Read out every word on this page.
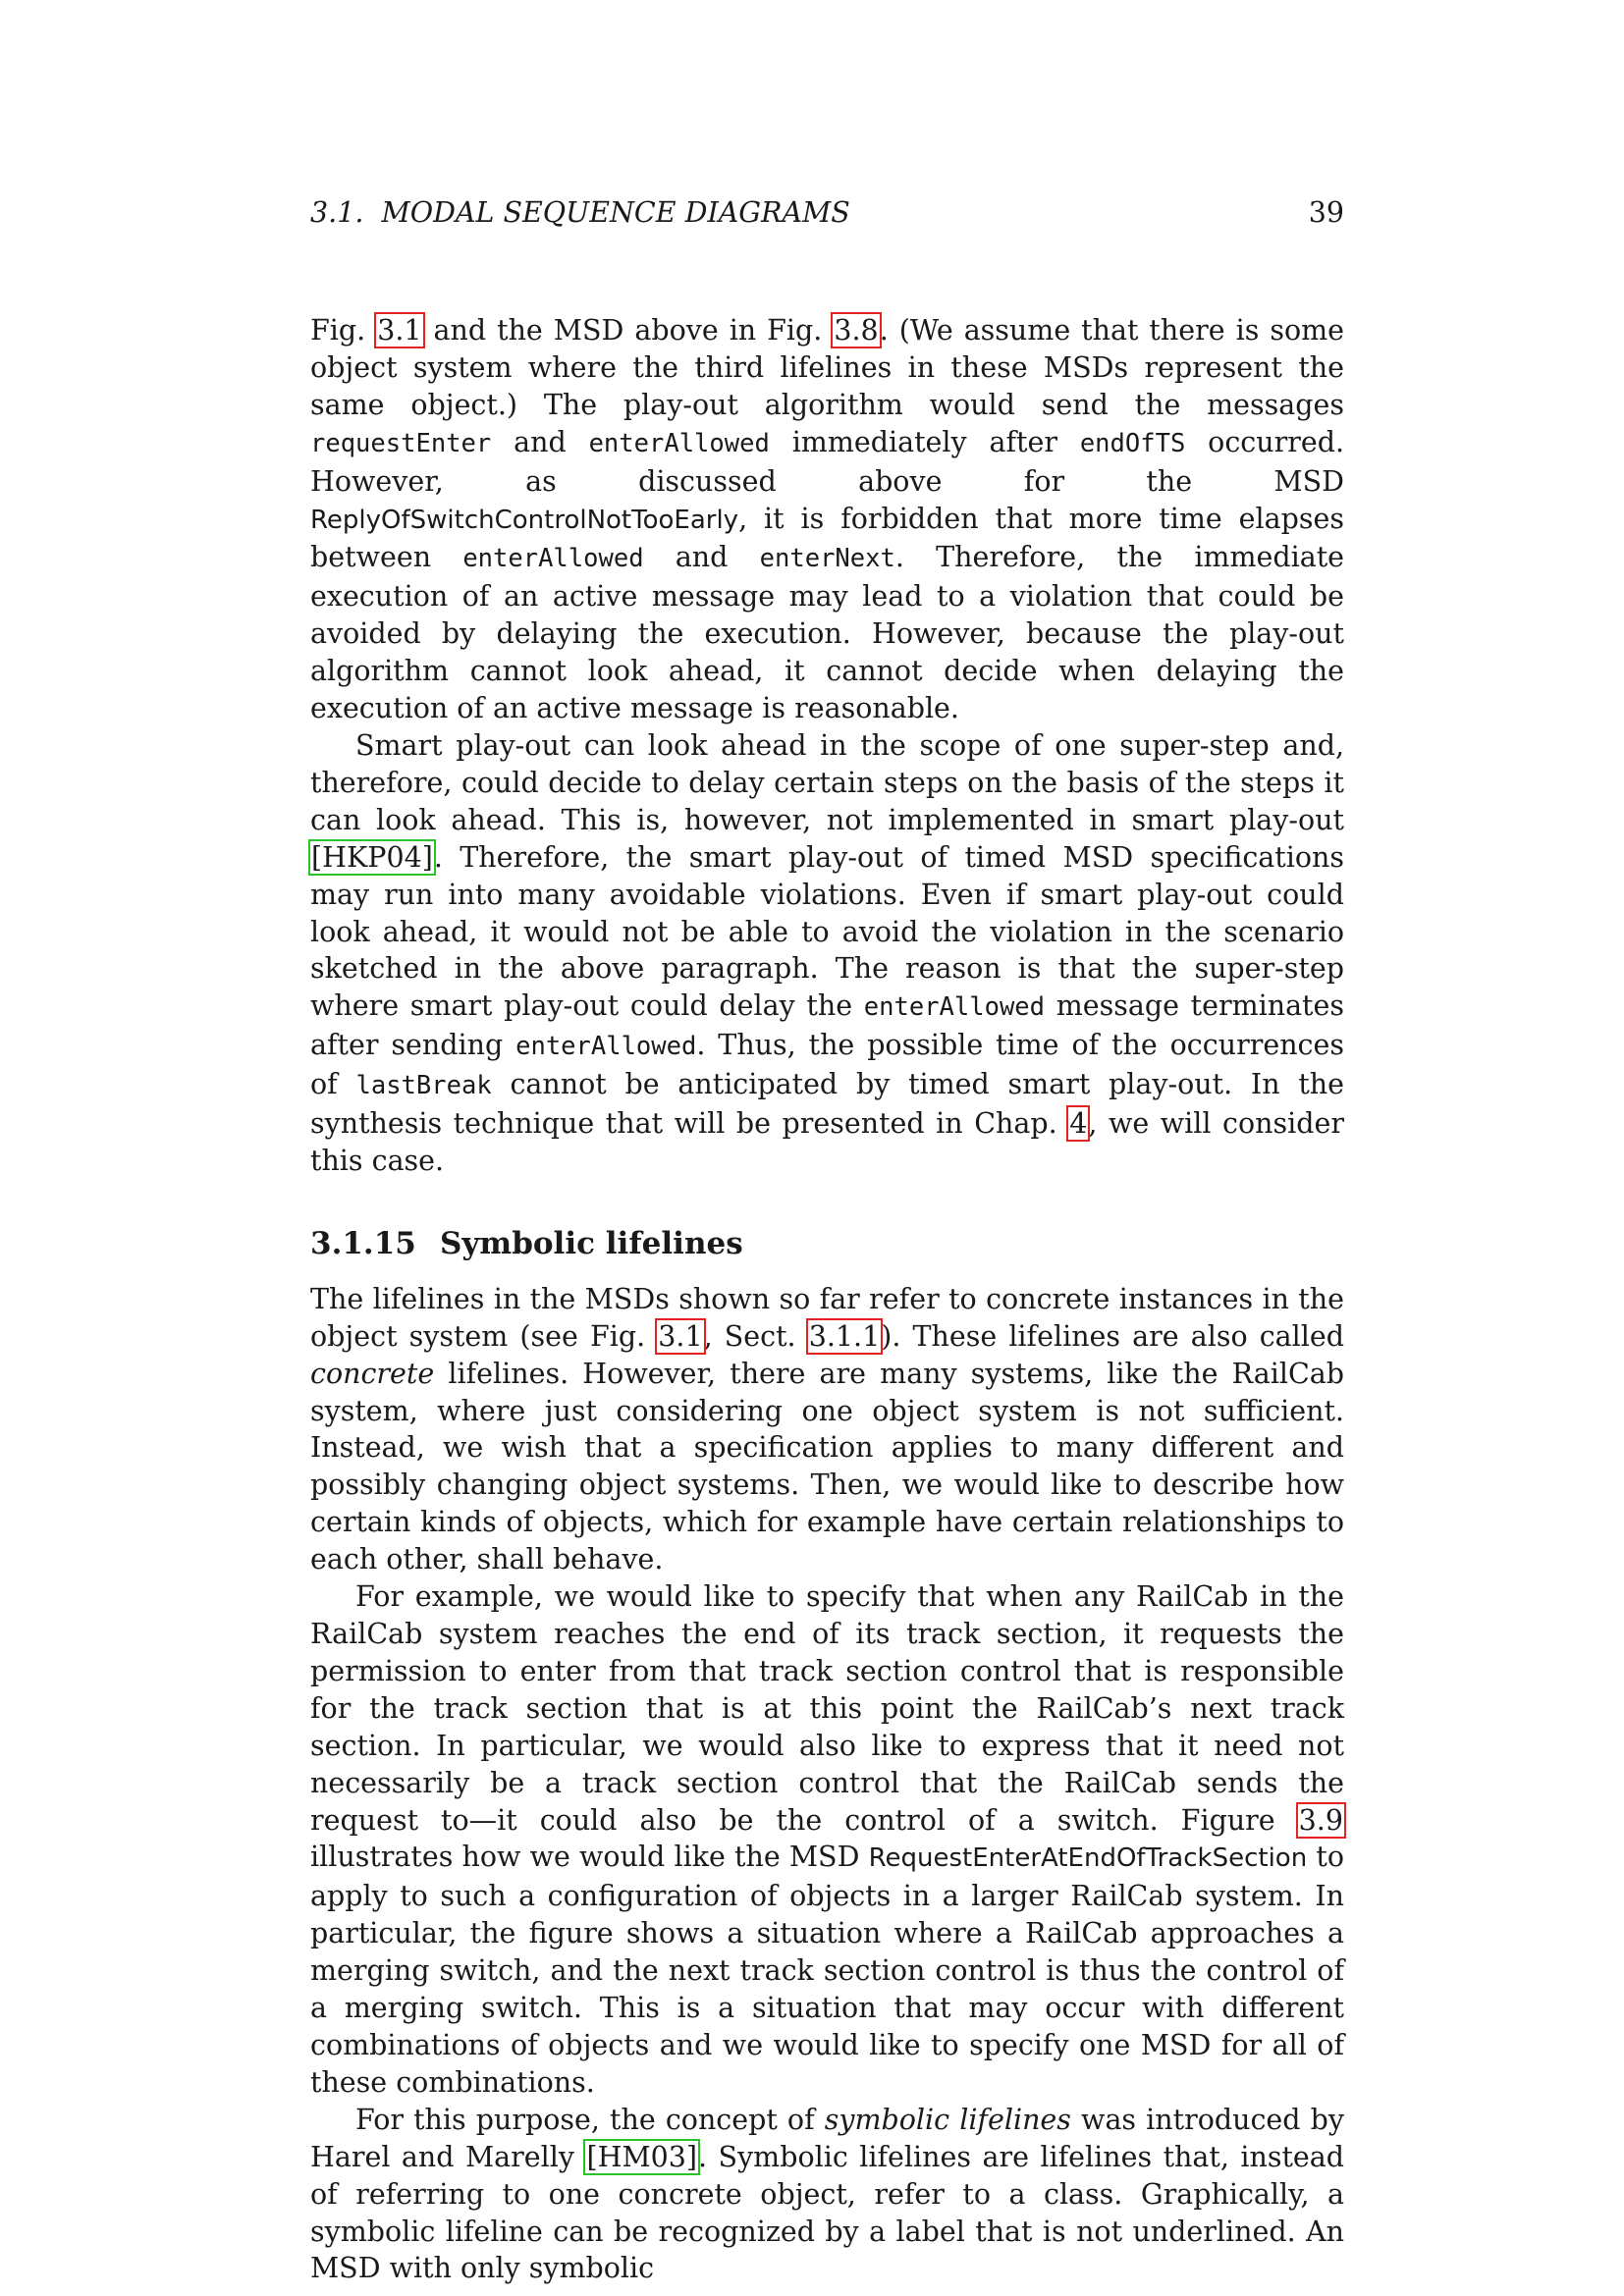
3.1. MODAL SEQUENCE DIAGRAMS	39

Fig. 3.1 and the MSD above in Fig. 3.8. (We assume that there is some object system where the third lifelines in these MSDs represent the same object.) The play-out algorithm would send the messages requestEnter and enterAllowed immediately after endOfTS occurred. However, as discussed above for the MSD ReplyOfSwitchControlNotTooEarly, it is forbidden that more time elapses between enterAllowed and enterNext. Therefore, the immediate execution of an active message may lead to a violation that could be avoided by delaying the execution. However, because the play-out algorithm cannot look ahead, it cannot decide when delaying the execution of an active message is reasonable.

Smart play-out can look ahead in the scope of one super-step and, therefore, could decide to delay certain steps on the basis of the steps it can look ahead. This is, however, not implemented in smart play-out [HKP04]. Therefore, the smart play-out of timed MSD specifications may run into many avoidable violations. Even if smart play-out could look ahead, it would not be able to avoid the violation in the scenario sketched in the above paragraph. The reason is that the super-step where smart play-out could delay the enterAllowed message terminates after sending enterAllowed. Thus, the possible time of the occurrences of lastBreak cannot be anticipated by timed smart play-out. In the synthesis technique that will be presented in Chap. 4, we will consider this case.

3.1.15 Symbolic lifelines

The lifelines in the MSDs shown so far refer to concrete instances in the object system (see Fig. 3.1, Sect. 3.1.1). These lifelines are also called concrete lifelines. However, there are many systems, like the RailCab system, where just considering one object system is not sufficient. Instead, we wish that a specification applies to many different and possibly changing object systems. Then, we would like to describe how certain kinds of objects, which for example have certain relationships to each other, shall behave.

For example, we would like to specify that when any RailCab in the RailCab system reaches the end of its track section, it requests the permission to enter from that track section control that is responsible for the track section that is at this point the RailCab’s next track section. In particular, we would also like to express that it need not necessarily be a track section control that the RailCab sends the request to—it could also be the control of a switch. Figure 3.9 illustrates how we would like the MSD RequestEnterAtEndOfTrackSection to apply to such a configuration of objects in a larger RailCab system. In particular, the figure shows a situation where a RailCab approaches a merging switch, and the next track section control is thus the control of a merging switch. This is a situation that may occur with different combinations of objects and we would like to specify one MSD for all of these combinations.

For this purpose, the concept of symbolic lifelines was introduced by Harel and Marelly [HM03]. Symbolic lifelines are lifelines that, instead of referring to one concrete object, refer to a class. Graphically, a symbolic lifeline can be recognized by a label that is not underlined. An MSD with only symbolic
